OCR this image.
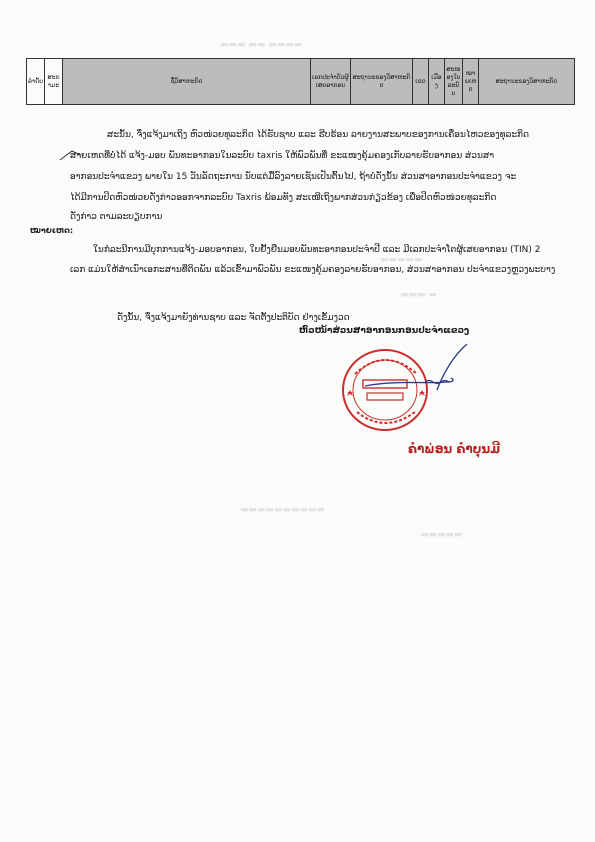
▬▬▬ ▬▬ ▬▬▬▬
▬▬▬▬▬
▬▬▬ ▬
▬▬▬▬▬▬▬▬▬▬
▬▬▬▬▬
ລຳດັບ	ສະກາມະ	ຊື່ວິສາຫະກິດ	ເລກປະຈຳຕົວຜູ້ເສຍອາກອນ	ສະຖານະຂອງວິສາຫະກິດ	ເຂດ	ເມືອງ	ສະໜອງໃບລະບົບ	ໝາຍເຫດ	ສະຖານະຂອງວິສາຫະກິດ
ສະນັ້ນ, ຈຶ່ງແຈ້ງມາເຖິງ ຫົວໜ່ວຍທຸລະກິດ ໄດ້ຮັບຊາບ ແລະ ຮີບຮ້ອນ ລາຍງານສະພາບຂອງການເຄື່ອນໄຫວຂອງທຸລະກິດ
ສາຍເຫດທີ່ບໍ່ໄດ້ ແຈ້ງ-ມອບ ພັນທະອາກອນໃນລະບົບ taxris ໃຫ້ພົວພັນທີ່ ຂະແໜງຄຸ້ມຄອງເກັບລາຍຮັບອາກອນ ສ່ວນສາ
ອາກອນປະຈຳແຂວງ ພາຍໃນ 15 ວັນລັດຖະການ ນັບແຕ່ມື້ລົງລາຍເຊັນເປັນຕົ້ນໄປ, ຖ້າບໍ່ດັ່ງນັ້ນ ສ່ວນສາອາກອນປະຈຳແຂວງ ຈະ
ໄດ້ມີການປິດຫົວໜ່ວຍດັ່ງກ່າວອອກຈາກລະບົບ Taxris ພ້ອມທັງ ສະເໜີເຖິງພາກສ່ວນກ່ຽວຂ້ອງ ເພື່ອປິດຫົວໜ່ວຍທຸລະກິດ
ດັ່ງກ່າວ ຕາມລະບຽບການ
ໝາຍເຫດ:
ໃນກໍລະນີການມີບຸກການແຈ້ງ-ມອບອາກອນ, ໃບຢັ້ງຢືນມອບພັນທະອາກອນປະຈຳປີ ແລະ ມີເລກປະຈຳໂຕຜູ້ເສຍອາກອນ (TIN) 2
ເລກ ແມ່ນໃຫ້ສຳເນົາເອກະສານທີ່ຕິດພັນ ແລ້ວເຂົ້າມາພົວພັນ ຂະແໜງຄຸ້ມຄອງລາຍຮັບອາກອນ, ສ່ວນສາອາກອນ ປະຈຳແຂວງຫຼວງພະບາງ
ດັ່ງນັ້ນ, ຈຶ່ງແຈ້ງມາຍັງທ່ານຊາບ ແລະ ຈັດຕັ້ງປະຕິບັດ ຢ່າງເຂັ້ມງວດ
ຫົວໜ້າສ່ວນສາອາກອນກອນປະຈຳແຂວງ
ຄຳພ່ອນ ຄຳບຸນມີ
